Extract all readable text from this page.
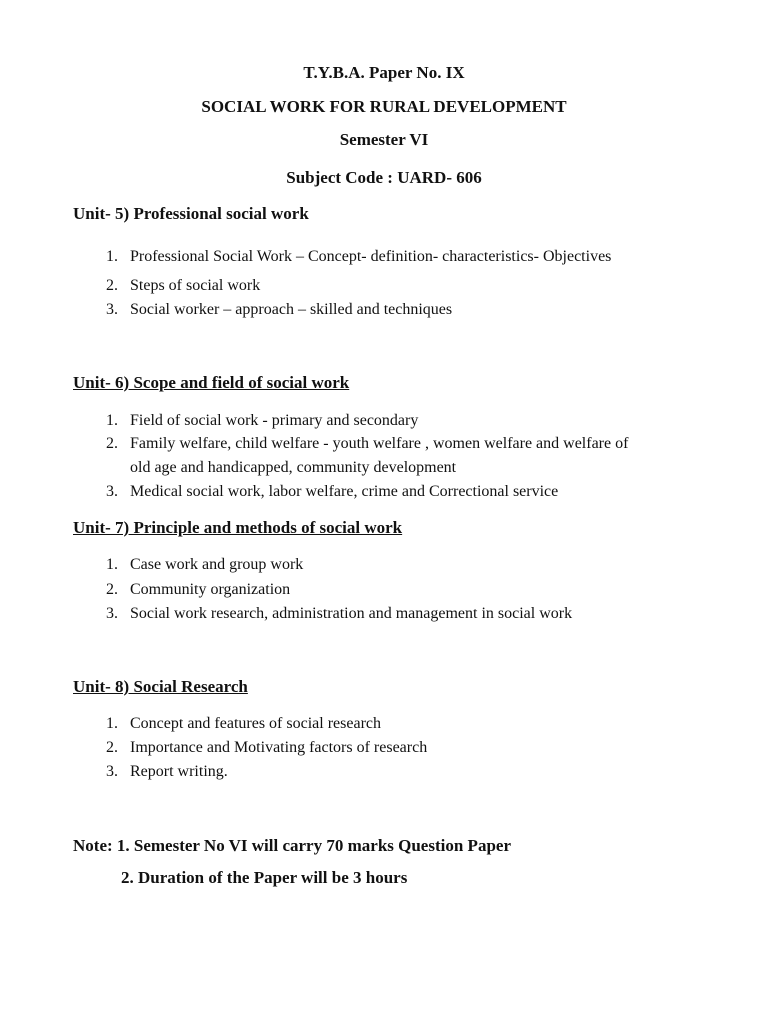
T.Y.B.A. Paper No. IX
SOCIAL WORK FOR RURAL DEVELOPMENT
Semester VI
Subject Code : UARD- 606
Unit- 5) Professional social work
1. Professional Social Work – Concept- definition- characteristics- Objectives
2. Steps of social work
3. Social worker – approach – skilled and techniques
Unit- 6) Scope and field of social work
1. Field of social work - primary and secondary
2. Family welfare, child welfare - youth welfare , women welfare and welfare of
old age and handicapped, community development
3. Medical social work, labor welfare, crime and Correctional service
Unit- 7) Principle and methods of social work
1. Case work and group work
2. Community organization
3. Social work research, administration and management in social work
Unit- 8) Social Research
1. Concept and features of social research
2. Importance and Motivating factors of research
3. Report writing.
Note: 1. Semester No VI will carry 70 marks Question Paper
2. Duration of the Paper will be 3 hours
